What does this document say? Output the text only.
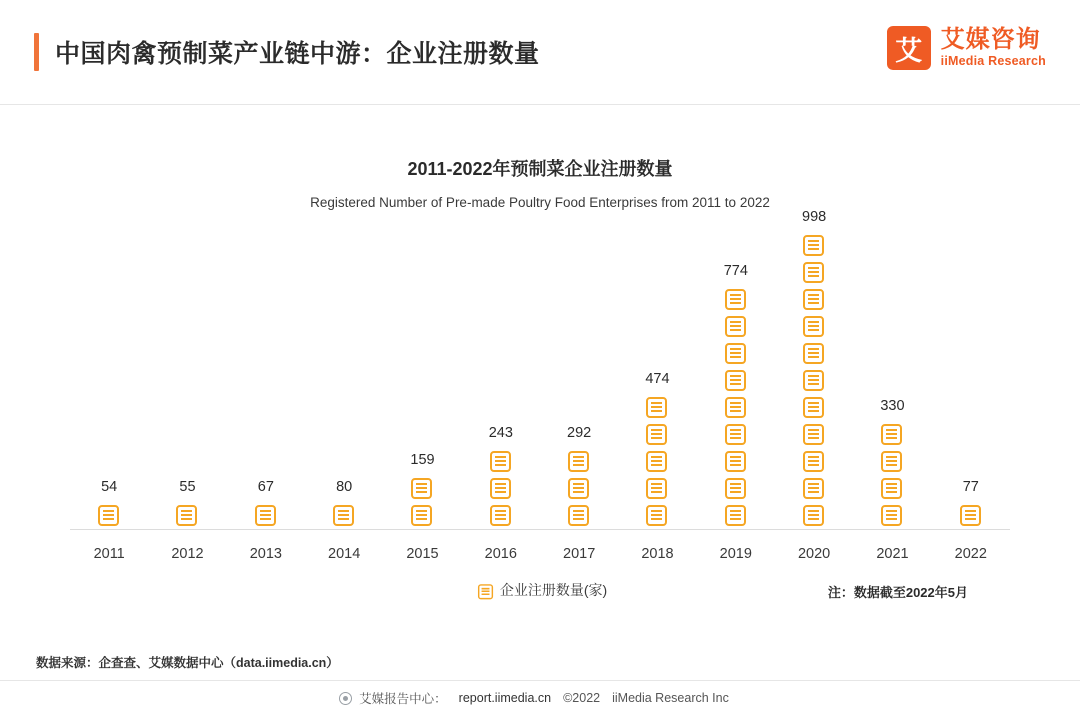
中国肉禽预制菜产业链中游：企业注册数量	艾 艾媒咨询
iiMedia Research
2011-2022年预制菜企业注册数量
Registered Number of Pre-made Poultry Food Enterprises from 2011 to 2022
54	55	67	80
159
243	292
474
774
998
330
77
2011	2012	2013	2014	2015	2016	2017	2018	2019	2020	2021	2022
企业注册数量(家)	注：数据截至2022年5月
数据来源：企查查、艾媒数据中心（data.iimedia.cn）
艾媒报告中心： report.iimedia.cn ©2022 iiMedia Research Inc
